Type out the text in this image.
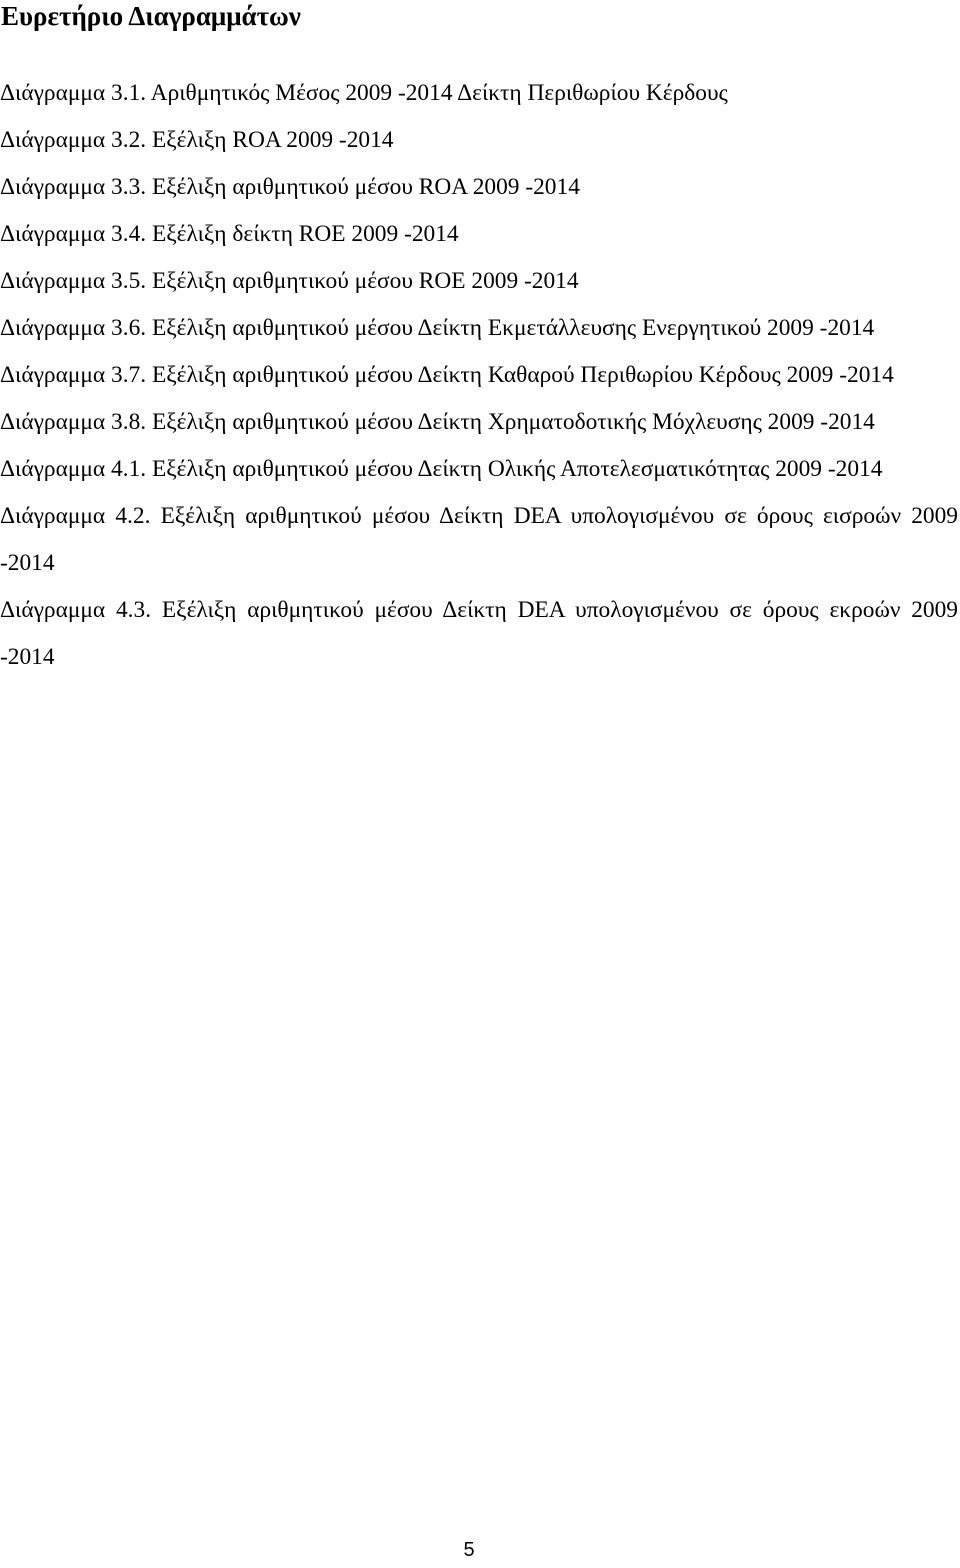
Ευρετήριο Διαγραμμάτων
Διάγραμμα 3.1. Αριθμητικός Μέσος 2009 -2014 Δείκτη Περιθωρίου Κέρδους
Διάγραμμα 3.2. Εξέλιξη ROA 2009 -2014
Διάγραμμα 3.3. Εξέλιξη αριθμητικού μέσου ROA 2009 -2014
Διάγραμμα 3.4. Εξέλιξη δείκτη ROE 2009 -2014
Διάγραμμα 3.5. Εξέλιξη αριθμητικού μέσου ROE 2009 -2014
Διάγραμμα 3.6. Εξέλιξη αριθμητικού μέσου Δείκτη Εκμετάλλευσης Ενεργητικού 2009 -2014
Διάγραμμα 3.7. Εξέλιξη αριθμητικού μέσου Δείκτη Καθαρού Περιθωρίου Κέρδους 2009 -2014
Διάγραμμα 3.8. Εξέλιξη αριθμητικού μέσου Δείκτη Χρηματοδοτικής Μόχλευσης 2009 -2014
Διάγραμμα 4.1. Εξέλιξη αριθμητικού μέσου Δείκτη Ολικής Αποτελεσματικότητας 2009 -2014
Διάγραμμα 4.2. Εξέλιξη αριθμητικού μέσου Δείκτη DEA υπολογισμένου σε όρους εισροών 2009 -2014
Διάγραμμα 4.3. Εξέλιξη αριθμητικού μέσου Δείκτη DEA υπολογισμένου σε όρους εκροών 2009 -2014
5
